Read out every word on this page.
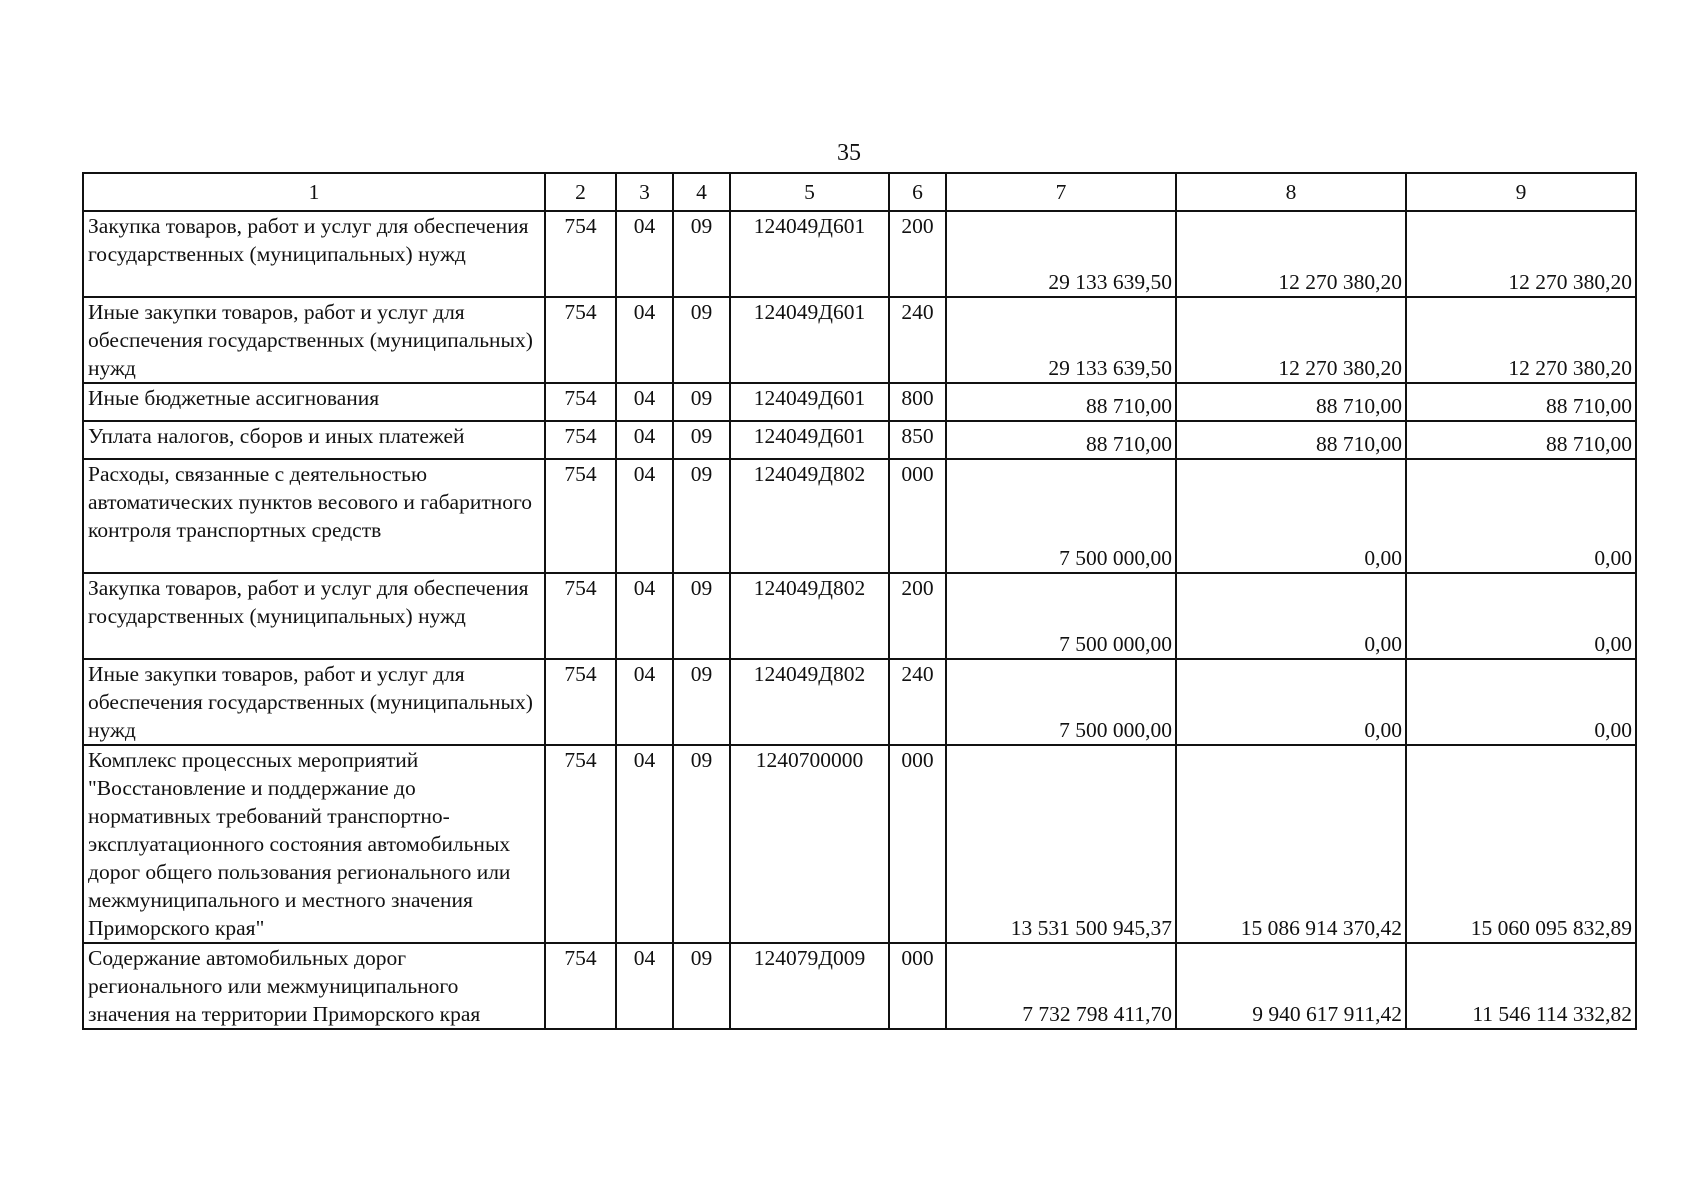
35
1	2	3	4	5	6	7	8	9
Закупка товаров, работ и услуг для обеспечения государственных (муниципальных) нужд	754	04	09	124049Д601	200	29 133 639,50	12 270 380,20	12 270 380,20
Иные закупки товаров, работ и услуг для обеспечения государственных (муниципальных) нужд	754	04	09	124049Д601	240	29 133 639,50	12 270 380,20	12 270 380,20
Иные бюджетные ассигнования	754	04	09	124049Д601	800	88 710,00	88 710,00	88 710,00
Уплата налогов, сборов и иных платежей	754	04	09	124049Д601	850	88 710,00	88 710,00	88 710,00
Расходы, связанные с деятельностью автоматических пунктов весового и габаритного контроля транспортных средств	754	04	09	124049Д802	000	7 500 000,00	0,00	0,00
Закупка товаров, работ и услуг для обеспечения государственных (муниципальных) нужд	754	04	09	124049Д802	200	7 500 000,00	0,00	0,00
Иные закупки товаров, работ и услуг для обеспечения государственных (муниципальных) нужд	754	04	09	124049Д802	240	7 500 000,00	0,00	0,00
Комплекс процессных мероприятий "Восстановление и поддержание до нормативных требований транспортно-эксплуатационного состояния автомобильных дорог общего пользования регионального или межмуниципального и местного значения Приморского края"	754	04	09	1240700000	000	13 531 500 945,37	15 086 914 370,42	15 060 095 832,89
Содержание автомобильных дорог регионального или межмуниципального значения на территории Приморского края	754	04	09	124079Д009	000	7 732 798 411,70	9 940 617 911,42	11 546 114 332,82
